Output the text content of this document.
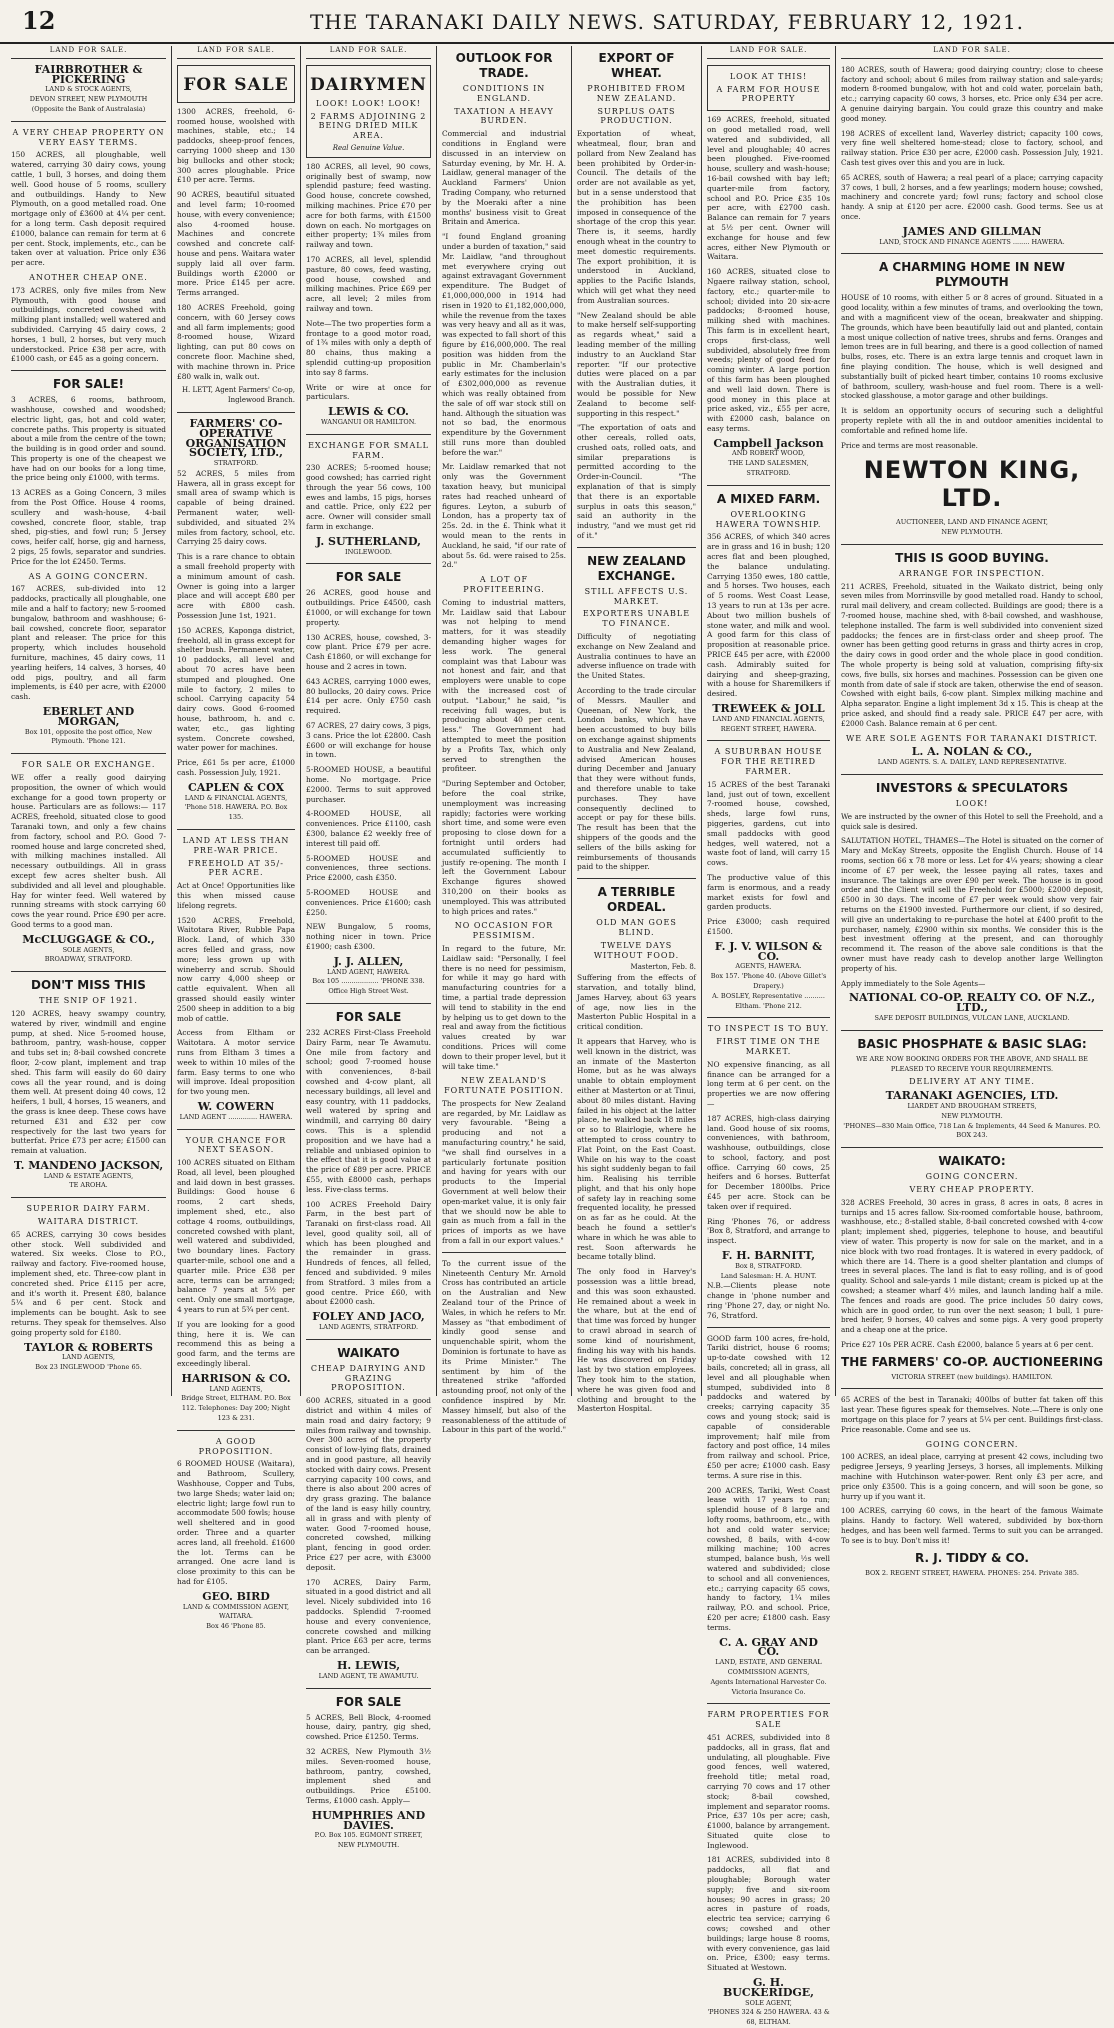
12	THE TARANAKI DAILY NEWS. SATURDAY, FEBRUARY 12, 1921.
LAND FOR SALE.
FAIRBROTHER & PICKERING
LAND & STOCK AGENTS,
DEVON STREET, NEW PLYMOUTH
(Opposite the Bank of Australasia)
A VERY CHEAP PROPERTY ON VERY EASY TERMS.

150 ACRES, all ploughable, well watered, carrying 30 dairy cows, young cattle, 1 bull, 3 horses, and doing them well. Good house of 5 rooms, scullery and outbuildings. Handy to New Plymouth, on a good metalled road. One mortgage only of £3600 at 4¼ per cent. for a long term. Cash deposit required £1000, balance can remain for term at 6 per cent. Stock, implements, etc., can be taken over at valuation. Price only £36 per acre.

ANOTHER CHEAP ONE.

173 ACRES, only five miles from New Plymouth, with good house and outbuildings, concreted cowshed with milking plant installed; well watered and subdivided. Carrying 45 dairy cows, 2 horses, 1 bull, 2 horses, but very much understocked. Price £38 per acre, with £1000 cash, or £45 as a going concern.

FOR SALE!

3 ACRES, 6 rooms, bathroom, washhouse, cowshed and woodshed; electric light, gas, hot and cold water, concrete paths. This property is situated about a mile from the centre of the town; the building is in good order and sound. This property is one of the cheapest we have had on our books for a long time, the price being only £1000, with terms.

13 ACRES as a Going Concern, 3 miles from the Post Office. House 4 rooms, scullery and wash-house, 4-bail cowshed, concrete floor, stable, trap shed, pig-sties, and fowl run; 5 Jersey cows, heifer calf, horse, gig and harness, 2 pigs, 25 fowls, separator and sundries. Price for the lot £2450. Terms.

AS A GOING CONCERN.

167 ACRES, sub-divided into 12 paddocks, practically all ploughable, one mile and a half to factory; new 5-roomed bungalow, bathroom and washhouse; 6-bail cowshed, concrete floor, separator plant and releaser. The price for this property, which includes household furniture, machines, 45 dairy cows, 11 yearling heifers, 14 calves, 3 horses, 40 odd pigs, poultry, and all farm implements, is £40 per acre, with £2000 cash.

EBERLET AND MORGAN,
Box 101, opposite the post office, New Plymouth. 'Phone 121.
FOR SALE OR EXCHANGE.

WE offer a really good dairying proposition, the owner of which would exchange for a good town property or house. Particulars are as follows:— 117 ACRES, freehold, situated close to good Taranaki town, and only a few chains from factory, school and P.O. Good 7-roomed house and large concreted shed, with milking machines installed. All necessary outbuildings. All in grass except few acres shelter bush. All subdivided and all level and ploughable. Hay for winter feed. Well watered by running streams with stock carrying 60 cows the year round. Price £90 per acre. Good terms to a good man.

McCLUGGAGE & CO.,
SOLE AGENTS,
BROADWAY, STRATFORD.
DON'T MISS THIS
THE SNIP OF 1921.

120 ACRES, heavy swampy country, watered by river, windmill and engine pump, at shed. Nice 5-roomed house, bathroom, pantry, wash-house, copper and tubs set in; 8-bail cowshed concrete floor, 2-cow plant, implement and trap shed. This farm will easily do 60 dairy cows all the year round, and is doing them well. At present doing 40 cows, 12 heifers, 1 bull, 4 horses, 15 weaners, and the grass is knee deep. These cows have returned £31 and £32 per cow respectively for the last two years for butterfat. Price £73 per acre; £1500 can remain at valuation.

T. MANDENO JACKSON,
LAND & ESTATE AGENTS,
TE AROHA.
SUPERIOR DAIRY FARM.
WAITARA DISTRICT.

65 ACRES, carrying 30 cows besides other stock. Well subdivided and watered. Six weeks. Close to P.O., railway and factory. Five-roomed house, implement shed, etc. Three-cow plant in concreted shed. Price £115 per acre, and it's worth it. Present £80, balance 5¼ and 6 per cent. Stock and implements can be bought. Ask to see returns. They speak for themselves. Also going property sold for £180.

TAYLOR & ROBERTS
LAND AGENTS,
Box 23 INGLEWOOD 'Phone 65.
LAND FOR SALE.
FOR SALE

1300 ACRES, freehold, 6-roomed house, woolshed with machines, stable, etc.; 14 paddocks, sheep-proof fences, carrying 1000 sheep and 130 big bullocks and other stock; 300 acres ploughable. Price £10 per acre. Terms.

90 ACRES, beautiful situated and level farm; 10-roomed house, with every convenience; also 4-roomed house. Machines and concrete cowshed and concrete calf-house and pens. Waitara water supply laid all over farm. Buildings worth £2000 or more. Price £145 per acre. Terms arranged.

180 ACRES Freehold, going concern, with 60 Jersey cows and all farm implements; good 8-roomed house, Wizard lighting, can put 80 cows on concrete floor. Machine shed, with machine thrown in. Price £80 walk in, walk out.

H. LETT, Agent Farmers' Co-op, Inglewood Branch.
FARMERS' CO-OPERATIVE ORGANISATION SOCIETY, LTD.,
STRATFORD.

52 ACRES, 5 miles from Hawera, all in grass except for small area of swamp which is capable of being drained. Permanent water, well-subdivided, and situated 2¾ miles from factory, school, etc. Carrying 25 dairy cows.

This is a rare chance to obtain a small freehold property with a minimum amount of cash. Owner is going into a larger place and will accept £80 per acre with £800 cash. Possession June 1st, 1921.

150 ACRES, Kaponga district, freehold, all in grass except for shelter bush. Permanent water, 10 paddocks, all level and about 70 acres have been stumped and ploughed. One mile to factory, 2 miles to school. Carrying capacity 54 dairy cows. Good 6-roomed house, bathroom, h. and c. water, etc., gas lighting system. Concrete cowshed, water power for machines.

Price, £61 5s per acre, £1000 cash. Possession July, 1921.

CAPLEN & COX
LAND & FINANCIAL AGENTS,
'Phone 518. HAWERA. P.O. Box 135.
LAND AT LESS THAN PRE-WAR PRICE.
FREEHOLD AT 35/- PER ACRE.

Act at Once! Opportunities like this when missed cause lifelong regrets.

1520 ACRES, Freehold, Waitotara River, Rubble Papa Block. Land, of which 330 acres felled and grass, now more; less grown up with wineberry and scrub. Should now carry 4,000 sheep or cattle equivalent. When all grassed should easily winter 2500 sheep in addition to a big mob of cattle.

Access from Eltham or Waitotara. A motor service runs from Eltham 3 times a week to within 10 miles of the farm. Easy terms to one who will improve. Ideal proposition for two young men.

W. COWERN
LAND AGENT .............. HAWERA.
YOUR CHANCE FOR NEXT SEASON.

100 ACRES situated on Eltham Road, all level, been ploughed and laid down in best grasses. Buildings: Good house 6 rooms, 2 cart sheds, implement shed, etc., also cottage 4 rooms, outbuildings, concreted cowshed with plant, well watered and subdivided, two boundary lines. Factory quarter-mile, school one and a quarter mile. Price £38 per acre, terms can be arranged; balance 7 years at 5½ per cent. Only one small mortgage, 4 years to run at 5¾ per cent.

If you are looking for a good thing, here it is. We can recommend this as being a good farm, and the terms are exceedingly liberal.

HARRISON & CO.
LAND AGENTS,
Bridge Street, ELTHAM. P.O. Box 112. Telephones: Day 200; Night 123 & 231.
A GOOD PROPOSITION.

6 ROOMED HOUSE (Waitara), and Bathroom, Scullery, Washhouse, Copper and Tubs, two large Sheds; water laid on; electric light; large fowl run to accommodate 500 fowls; house well sheltered and in good order. Three and a quarter acres land, all freehold. £1600 the lot. Terms can be arranged. One acre land is close proximity to this can be had for £105.

GEO. BIRD
LAND & COMMISSION AGENT, WAITARA.
Box 46 'Phone 85.
LAND FOR SALE.
DAIRYMEN
LOOK! LOOK! LOOK!
2 FARMS ADJOINING 2 BEING DRIED MILK AREA.
Real Genuine Value.

180 ACRES, all level, 90 cows, originally best of swamp, now splendid pasture; feed wasting. Good house, concrete cowshed, milking machines. Price £70 per acre for both farms, with £1500 down on each. No mortgages on either property; 1¾ miles from railway and town.

170 ACRES, all level, splendid pasture, 80 cows, feed wasting, good house, cowshed and milking machines. Price £69 per acre, all level; 2 miles from railway and town.

Note—The two properties form a frontage to a good motor road, of 1¾ miles with only a depth of 80 chains, thus making a splendid cutting-up proposition into say 8 farms.

Write or wire at once for particulars.

LEWIS & CO.
WANGANUI OR HAMILTON.
EXCHANGE FOR SMALL FARM.

230 ACRES; 5-roomed house; good cowshed; has carried right through the year 56 cows, 100 ewes and lambs, 15 pigs, horses and cattle. Price, only £22 per acre. Owner will consider small farm in exchange.

J. SUTHERLAND,
INGLEWOOD.
FOR SALE

26 ACRES, good house and outbuildings. Price £4500, cash £1000, or will exchange for town property.

130 ACRES, house, cowshed, 3-cow plant. Price £79 per acre. Cash £1860, or will exchange for house and 2 acres in town.

643 ACRES, carrying 1000 ewes, 80 bullocks, 20 dairy cows. Price £14 per acre. Only £750 cash required.

67 ACRES, 27 dairy cows, 3 pigs, 3 cans. Price the lot £2800. Cash £600 or will exchange for house in town.

5-ROOMED HOUSE, a beautiful home. No mortgage. Price £2000. Terms to suit approved purchaser.

4-ROOMED HOUSE, all conveniences. Price £1100, cash £300, balance £2 weekly free of interest till paid off.

5-ROOMED HOUSE and conveniences, three sections. Price £2000, cash £350.

5-ROOMED HOUSE and conveniences. Price £1600; cash £250.

NEW Bungalow, 5 rooms, nothing nicer in town. Price £1900; cash £300.

J. J. ALLEN,
LAND AGENT, HAWERA.
Box 105 .................. 'PHONE 338. Office High Street West.
FOR SALE

232 ACRES First-Class Freehold Dairy Farm, near Te Awamutu. One mile from factory and school; good 7-roomed house with conveniences, 8-bail cowshed and 4-cow plant, all necessary buildings, all level and easy country, with 11 paddocks, well watered by spring and windmill, and carrying 80 dairy cows. This is a splendid proposition and we have had a reliable and unbiased opinion to the effect that it is good value at the price of £89 per acre. PRICE £55, with £8000 cash, perhaps less. Five-class terms.

100 ACRES Freehold Dairy Farm, in the best part of Taranaki on first-class road. All level, good quality soil, all of which has been ploughed and the remainder in grass. Hundreds of fences, all felled, fenced and subdivided. 9 miles from Stratford. 3 miles from a good centre. Price £60, with about £2000 cash.

FOLEY AND JACO,
LAND AGENTS, STRATFORD.
WAIKATO
CHEAP DAIRYING AND GRAZING PROPOSITION.

600 ACRES, situated in a good district and within 4 miles of main road and dairy factory; 9 miles from railway and township. Over 300 acres of the property consist of low-lying flats, drained and in good pasture, all heavily stocked with dairy cows. Present carrying capacity 100 cows, and there is also about 200 acres of dry grass grazing. The balance of the land is easy hilly country, all in grass and with plenty of water. Good 7-roomed house, concreted cowshed, milking plant, fencing in good order. Price £27 per acre, with £3000 deposit.

170 ACRES, Dairy Farm, situated in a good district and all level. Nicely subdivided into 16 paddocks. Splendid 7-roomed house and every convenience, concrete cowshed and milking plant. Price £63 per acre, terms can be arranged.

H. LEWIS,
LAND AGENT, TE AWAMUTU.
FOR SALE

5 ACRES, Bell Block, 4-roomed house, dairy, pantry, gig shed, cowshed. Price £1250. Terms.

32 ACRES, New Plymouth 3½ miles. Seven-roomed house, bathroom, pantry, cowshed, implement shed and outbuildings. Price £5100. Terms, £1000 cash. Apply—

HUMPHRIES AND DAVIES.
P.O. Box 105. EGMONT STREET, NEW PLYMOUTH.
OUTLOOK FOR TRADE.
CONDITIONS IN ENGLAND.
TAXATION A HEAVY BURDEN.

Commercial and industrial conditions in England were discussed in an interview on Saturday evening, by Mr. H. A. Laidlaw, general manager of the Auckland Farmers' Union Trading Company, who returned by the Moeraki after a nine months' business visit to Great Britain and America.

"I found England groaning under a burden of taxation," said Mr. Laidlaw, "and throughout met everywhere crying out against extravagant Government expenditure. The Budget of £1,000,000,000 in 1914 had risen in 1920 to £1,182,000,000, while the revenue from the taxes was very heavy and all as it was, was expected to fall short of this figure by £16,000,000. The real position was hidden from the public in Mr. Chamberlain's early estimates for the inclusion of £302,000,000 as revenue which was really obtained from the sale of off war stock still on hand. Although the situation was not so bad, the enormous expenditure by the Government still runs more than doubled before the war."

Mr. Laidlaw remarked that not only was the Government taxation heavy, but municipal rates had reached unheard of figures. Leyton, a suburb of London, has a property tax of 25s. 2d. in the £. Think what it would mean to the rents in Auckland, he said, "if our rate of about 5s. 6d. were raised to 25s. 2d."

A LOT OF PROFITEERING.

Coming to industrial matters, Mr. Laidlaw said that Labour was not helping to mend matters, for it was steadily demanding higher wages for less work. The general complaint was that Labour was not honest and fair, and that employers were unable to cope with the increased cost of output. "Labour," he said, "is receiving full wages, but is producing about 40 per cent. less." The Government had attempted to meet the position by a Profits Tax, which only served to strengthen the profiteer.

"During September and October, before the coal strike, unemployment was increasing rapidly; factories were working short time, and some were even proposing to close down for a fortnight until orders had accumulated sufficiently to justify re-opening. The month I left the Government Labour Exchange figures showed 310,200 on their books as unemployed. This was attributed to high prices and rates."

NO OCCASION FOR PESSIMISM.

In regard to the future, Mr. Laidlaw said: "Personally, I feel there is no need for pessimism, for while it may go hard with manufacturing countries for a time, a partial trade depression will tend to stability in the end by helping us to get down to the real and away from the fictitious values created by war conditions. Prices will come down to their proper level, but it will take time."

NEW ZEALAND'S FORTUNATE POSITION.

The prospects for New Zealand are regarded, by Mr. Laidlaw as very favourable. "Being a producing and not a manufacturing country," he said, "we shall find ourselves in a particularly fortunate position and having for years with our products to the Imperial Government at well below their open-market value, it is only fair that we should now be able to gain as much from a fall in the prices of imports as we have from a fall in our export values."

To the current issue of the Nineteenth Century Mr. Arnold Cross has contributed an article on the Australian and New Zealand tour of the Prince of Wales, in which he refers to Mr. Massey as "that embodiment of kindly good sense and unquenchable spirit, whom the Dominion is fortunate to have as its Prime Minister." The sentiment by him of the threatened strike "afforded astounding proof, not only of the confidence inspired by Mr. Massey himself, but also of the reasonableness of the attitude of Labour in this part of the world."

EXPORT OF WHEAT.
PROHIBITED FROM NEW ZEALAND.
SURPLUS OATS PRODUCTION.

Exportation of wheat, wheatmeal, flour, bran and pollard from New Zealand has been prohibited by Order-in-Council. The details of the order are not available as yet, but in a sense understood that the prohibition has been imposed in consequence of the shortage of the crop this year. There is, it seems, hardly enough wheat in the country to meet domestic requirements. The export prohibition, it is understood in Auckland, applies to the Pacific Islands, which will get what they need from Australian sources.

"New Zealand should be able to make herself self-supporting as regards wheat," said a leading member of the milling industry to an Auckland Star reporter. "If our protective duties were placed on a par with the Australian duties, it would be possible for New Zealand to become self-supporting in this respect."

"The exportation of oats and other cereals, rolled oats, crushed oats, rolled oats, and similar preparations is permitted according to the Order-in-Council. "The explanation of that is simply that there is an exportable surplus in oats this season," said an authority in the industry, "and we must get rid of it."

NEW ZEALAND EXCHANGE.
STILL AFFECTS U.S. MARKET.
EXPORTERS UNABLE TO FINANCE.

Difficulty of negotiating exchange on New Zealand and Australia continues to have an adverse influence on trade with the United States.

According to the trade circular of Messrs. Mauller and Queenan, of New York, the London banks, which have been accustomed to buy bills on exchange against shipments to Australia and New Zealand, advised American houses during December and January that they were without funds, and therefore unable to take purchases. They have consequently declined to accept or pay for these bills. The result has been that the shippers of the goods and the sellers of the bills asking for reimbursements of thousands paid to the shipper.

A TERRIBLE ORDEAL.
OLD MAN GOES BLIND.
TWELVE DAYS WITHOUT FOOD.
Masterton, Feb. 8.

Suffering from the effects of starvation, and totally blind, James Harvey, about 63 years of age, now lies in the Masterton Public Hospital in a critical condition.

It appears that Harvey, who is well known in the district, was an inmate of the Masterton Home, but as he was always unable to obtain employment either at Masterton or at Tinui, about 80 miles distant. Having failed in his object at the latter place, he walked back 18 miles or so to Blairlogie, where he attempted to cross country to Flat Point, on the East Coast. While on his way to the coast his sight suddenly began to fail him. Realising his terrible plight, and that his only hope of safety lay in reaching some frequented locality, he pressed on as far as he could. At the beach he found a settler's whare in which he was able to rest. Soon afterwards he became totally blind.

The only food in Harvey's possession was a little bread, and this was soon exhausted. He remained about a week in the whare, but at the end of that time was forced by hunger to crawl abroad in search of some kind of nourishment, finding his way with his hands. He was discovered on Friday last by two station employees. They took him to the station, where he was given food and clothing and brought to the Masterton Hospital.

LAND FOR SALE.
LOOK AT THIS!
A FARM FOR HOUSE PROPERTY

169 ACRES, freehold, situated on good metalled road, well watered and subdivided, all level and ploughable; 40 acres been ploughed. Five-roomed house, scullery and wash-house; 16-bail cowshed with bay left; quarter-mile from factory, school and P.O. Price £35 10s per acre, with £2700 cash. Balance can remain for 7 years at 5½ per cent. Owner will exchange for house and few acres, either New Plymouth or Waitara.

160 ACRES, situated close to Ngaere railway station, school, factory, etc.; quarter-mile to school; divided into 20 six-acre paddocks; 8-roomed house, milking shed with machines. This farm is in excellent heart, crops first-class, well subdivided, absolutely free from weeds; plenty of good feed for coming winter. A large portion of this farm has been ploughed and well laid down. There is good money in this place at price asked, viz., £55 per acre, with £2000 cash, balance on easy terms.

Campbell Jackson
AND ROBERT WOOD,
THE LAND SALESMEN, STRATFORD.
A MIXED FARM.
OVERLOOKING HAWERA TOWNSHIP.

356 ACRES, of which 340 acres are in grass and 16 in bush; 120 acres flat and been ploughed, the balance undulating. Carrying 1350 ewes, 180 cattle, and 5 horses. Two houses, each of 5 rooms. West Coast Lease, 13 years to run at 13s per acre. About two million bushels of stone water, and milk and wool. A good farm for this class of proposition at reasonable price. PRICE £45 per acre, with £2000 cash. Admirably suited for dairying and sheep-grazing, with a house for Sharemilkers if desired.

TREWEEK & JOLL
LAND AND FINANCIAL AGENTS,
REGENT STREET, HAWERA.
A SUBURBAN HOUSE FOR THE RETIRED FARMER.

15 ACRES of the best Taranaki land, just out of town, excellent 7-roomed house, cowshed, sheds, large fowl runs, piggeries, gardens, cut into small paddocks with good hedges, well watered, not a waste foot of land, will carry 15 cows.

The productive value of this farm is enormous, and a ready market exists for fowl and garden products.

Price £3000; cash required £1500.

F. J. V. WILSON & CO.
AGENTS, HAWERA.
Box 157. 'Phone 40. (Above Gillet's Drapery.)
A. BOSLEY, Representative .......... Eltham. 'Phone 212.
TO INSPECT IS TO BUY.
FIRST TIME ON THE MARKET.

NO expensive financing, as all finance can be arranged for a long term at 6 per cent. on the properties we are now offering—

187 ACRES, high-class dairying land. Good house of six rooms, conveniences, with bathroom, washhouse, outbuildings, close to school, factory, and post office. Carrying 60 cows, 25 heifers and 6 horses. Butterfat for December 1800lbs. Price £45 per acre. Stock can be taken over if required.

Ring 'Phones 76, or address 'Box 8, Stratford, and arrange to inspect.

F. H. BARNITT,
Box 8, STRATFORD.
Land Salesman: H. A. HUNT.

N.B.—Clients please note change in 'phone number and ring 'Phone 27, day, or night No. 76, Stratford.

GOOD farm 100 acres, fre-hold, Tariki district, house 6 rooms; up-to-date cowshed with 12 bails, concreted; all in grass, all level and all ploughable when stumped, subdivided into 8 paddocks and watered by creeks; carrying capacity 35 cows and young stock; said is capable of considerable improvement; half mile from factory and post office, 14 miles from railway and school. Price, £50 per acre; £1000 cash. Easy terms. A sure rise in this.

200 ACRES, Tariki, West Coast lease with 17 years to run; splendid house of 8 large and lofty rooms, bathroom, etc., with hot and cold water service; cowshed, 8 bails, with 4-cow milking machine; 100 acres stumped, balance bush, ½s well watered and subdivided; close to school and all conveniences, etc.; carrying capacity 65 cows, handy to factory, 1¼ miles railway, P.O. and school. Price, £20 per acre; £1800 cash. Easy terms.

C. A. GRAY AND CO.
LAND, ESTATE, AND GENERAL COMMISSION AGENTS,
Agents International Harvester Co. Victoria Insurance Co.
FARM PROPERTIES FOR SALE

451 ACRES, subdivided into 8 paddocks, all in grass, flat and undulating, all ploughable. Five good fences, well watered, freehold title; metal road, carrying 70 cows and 17 other stock; 8-bail cowshed, implement and separator rooms. Price, £37 10s per acre; cash, £1000, balance by arrangement. Situated quite close to Inglewood.

181 ACRES, subdivided into 8 paddocks, all flat and ploughable; Borough water supply; five and six-room houses; 90 acres in grass; 20 acres in pasture of roads, electric tea service; carrying 6 cows; cowshed and other buildings; large house 8 rooms, with every convenience, gas laid on. Price, £300; easy terms. Situated at Westown.

G. H. BUCKERIDGE,
SOLE AGENT,
'PHONES 324 & 250 HAWERA. 43 & 68, ELTHAM.
LAND FOR SALE.

180 ACRES, south of Hawera; good dairying country; close to cheese factory and school; about 6 miles from railway station and sale-yards; modern 8-roomed bungalow, with hot and cold water, porcelain bath, etc.; carrying capacity 60 cows, 3 horses, etc. Price only £34 per acre. A genuine dairying bargain. You could graze this country and make good money.

198 ACRES of excellent land, Waverley district; capacity 100 cows, very fine well sheltered home-stead; close to factory, school, and railway station. Price £30 per acre, £2000 cash. Possession July, 1921. Cash test gives over this and you are in luck.

65 ACRES, south of Hawera; a real pearl of a place; carrying capacity 37 cows, 1 bull, 2 horses, and a few yearlings; modern house; cowshed, machinery and concrete yard; fowl runs; factory and school close handy. A snip at £120 per acre. £2000 cash. Good terms. See us at once.

JAMES AND GILLMAN
LAND, STOCK AND FINANCE AGENTS ........ HAWERA.
A CHARMING HOME IN NEW PLYMOUTH

HOUSE of 10 rooms, with either 5 or 8 acres of ground. Situated in a good locality, within a few minutes of trams, and overlooking the town, and with a magnificent view of the ocean, breakwater and shipping. The grounds, which have been beautifully laid out and planted, contain a most unique collection of native trees, shrubs and ferns. Oranges and lemon trees are in full bearing, and there is a good collection of named bulbs, roses, etc. There is an extra large tennis and croquet lawn in fine playing condition. The house, which is well designed and substantially built of picked heart timber, contains 10 rooms exclusive of bathroom, scullery, wash-house and fuel room. There is a well-stocked glasshouse, a motor garage and other buildings.

It is seldom an opportunity occurs of securing such a delightful property replete with all the in and outdoor amenities incidental to comfortable and refined home life.

Price and terms are most reasonable.

NEWTON KING, LTD.
AUCTIONEER, LAND AND FINANCE AGENT,
NEW PLYMOUTH.
THIS IS GOOD BUYING.
ARRANGE FOR INSPECTION.

211 ACRES, Freehold, situated in the Waikato district, being only seven miles from Morrinsville by good metalled road. Handy to school, rural mail delivery, and cream collected. Buildings are good; there is a 7-roomed house, machine shed, with 8-bail cowshed, and washhouse, telephone installed. The farm is well subdivided into convenient sized paddocks; the fences are in first-class order and sheep proof. The owner has been getting good returns in grass and thirty acres in crop, the dairy cows in good order and the whole place in good condition. The whole property is being sold at valuation, comprising fifty-six cows, five bulls, six horses and machines. Possession can be given one month from date of sale if stock are taken, otherwise the end of season. Cowshed with eight bails, 6-cow plant. Simplex milking machine and Alpha separator. Engine a light implement 3d x 15. This is cheap at the price asked, and should find a ready sale. PRICE £47 per acre, with £2000 Cash. Balance remain at 6 per cent.

WE ARE SOLE AGENTS FOR TARANAKI DISTRICT.
L. A. NOLAN & CO.,
LAND AGENTS. S. A. DAILEY, LAND REPRESENTATIVE.
INVESTORS & SPECULATORS
LOOK!

We are instructed by the owner of this Hotel to sell the Freehold, and a quick sale is desired.

SALUTATION HOTEL, THAMES—The Hotel is situated on the corner of Mary and McKay Streets, opposite the English Church. House of 14 rooms, section 66 x 78 more or less. Let for 4¼ years; showing a clear income of £7 per week, the lessee paying all rates, taxes and insurance. The takings are over £90 per week. The house is in good order and the Client will sell the Freehold for £5000; £2000 deposit, £500 in 30 days. The income of £7 per week would show very fair returns on the £1900 invested. Furthermore our client, if so desired, will give an undertaking to re-purchase the hotel at £400 profit to the purchaser, namely, £2900 within six months. We consider this is the best investment offering at the present, and can thoroughly recommend it. The reason of the above sale conditions is that the owner must have ready cash to develop another large Wellington property of his.

Apply immediately to the Sole Agents—

NATIONAL CO-OP. REALTY CO. OF N.Z., LTD.,
SAFE DEPOSIT BUILDINGS, VULCAN LANE, AUCKLAND.
BASIC PHOSPHATE & BASIC SLAG:
WE ARE NOW BOOKING ORDERS FOR THE ABOVE, AND SHALL BE PLEASED TO RECEIVE YOUR REQUIREMENTS.
DELIVERY AT ANY TIME.
TARANAKI AGENCIES, LTD.
LIARDET AND BROUGHAM STREETS,
NEW PLYMOUTH.
'PHONES—830 Main Office, 718 Lan & Implements, 44 Seed & Manures. P.O. BOX 243.
WAIKATO:
GOING CONCERN.
VERY CHEAP PROPERTY.

328 ACRES Freehold, 30 acres in grass, 8 acres in oats, 8 acres in turnips and 15 acres fallow. Six-roomed comfortable house, bathroom, washhouse, etc.; 8-stalled stable, 8-bail concreted cowshed with 4-cow plant; implement shed, piggeries, telephone to house, and beautiful view of water. This property is now for sale on the market, and in a nice block with two road frontages. It is watered in every paddock, of which there are 14. There is a good shelter plantation and clumps of trees in several places. The land is flat to easy rolling, and is of good quality. School and sale-yards 1 mile distant; cream is picked up at the cowshed; a steamer wharf 4½ miles, and launch landing half a mile. The fences and roads are good. The price includes 50 dairy cows, which are in good order, to run over the next season; 1 bull, 1 pure-bred heifer, 9 horses, 40 calves and some pigs. A very good property and a cheap one at the price.

Price £27 10s PER ACRE. Cash £2000, balance 5 years at 6 per cent.

THE FARMERS' CO-OP. AUCTIONEERING
VICTORIA STREET (new buildings). HAMILTON.

65 ACRES of the best in Taranaki; 400lbs of butter fat taken off this last year. These figures speak for themselves. Note.—There is only one mortgage on this place for 7 years at 5¼ per cent. Buildings first-class. Price reasonable. Come and see us.

GOING CONCERN.

100 ACRES, an ideal place, carrying at present 42 cows, including two pedigree Jerseys, 9 yearling Jerseys, 3 horses, all implements. Milking machine with Hutchinson water-power. Rent only £3 per acre, and price only £3500. This is a going concern, and will soon be gone, so hurry up if you want it.

100 ACRES, carrying 60 cows, in the heart of the famous Waimate plains. Handy to factory. Well watered, subdivided by box-thorn hedges, and has been well farmed. Terms to suit you can be arranged. To see is to buy. Don't miss it!

R. J. TIDDY & CO.
BOX 2. REGENT STREET, HAWERA. PHONES: 254. Private 385.
